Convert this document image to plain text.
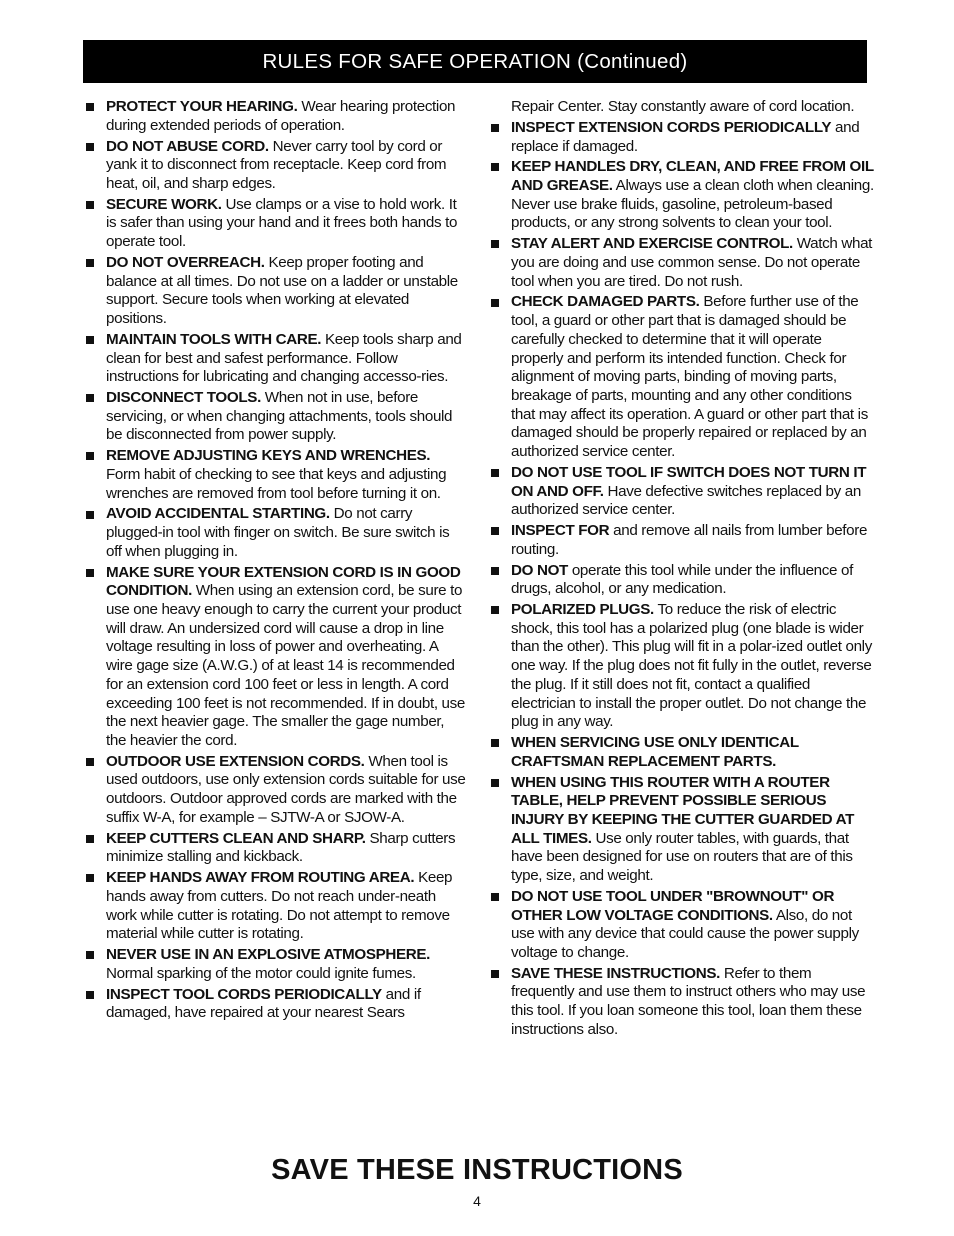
RULES FOR SAFE OPERATION (Continued)
PROTECT YOUR HEARING. Wear hearing protection during extended periods of operation.
DO NOT ABUSE CORD. Never carry tool by cord or yank it to disconnect from receptacle. Keep cord from heat, oil, and sharp edges.
SECURE WORK. Use clamps or a vise to hold work. It is safer than using your hand and it frees both hands to operate tool.
DO NOT OVERREACH. Keep proper footing and balance at all times. Do not use on a ladder or unstable support. Secure tools when working at elevated positions.
MAINTAIN TOOLS WITH CARE. Keep tools sharp and clean for best and safest performance. Follow instructions for lubricating and changing accesso-ries.
DISCONNECT TOOLS. When not in use, before servicing, or when changing attachments, tools should be disconnected from power supply.
REMOVE ADJUSTING KEYS AND WRENCHES. Form habit of checking to see that keys and adjusting wrenches are removed from tool before turning it on.
AVOID ACCIDENTAL STARTING. Do not carry plugged-in tool with finger on switch. Be sure switch is off when plugging in.
MAKE SURE YOUR EXTENSION CORD IS IN GOOD CONDITION. When using an extension cord, be sure to use one heavy enough to carry the current your product will draw. An undersized cord will cause a drop in line voltage resulting in loss of power and overheating. A wire gage size (A.W.G.) of at least 14 is recommended for an extension cord 100 feet or less in length. A cord exceeding 100 feet is not recommended. If in doubt, use the next heavier gage. The smaller the gage number, the heavier the cord.
OUTDOOR USE EXTENSION CORDS. When tool is used outdoors, use only extension cords suitable for use outdoors. Outdoor approved cords are marked with the suffix W-A, for example – SJTW-A or SJOW-A.
KEEP CUTTERS CLEAN AND SHARP. Sharp cutters minimize stalling and kickback.
KEEP HANDS AWAY FROM ROUTING AREA. Keep hands away from cutters. Do not reach under-neath work while cutter is rotating. Do not attempt to remove material while cutter is rotating.
NEVER USE IN AN EXPLOSIVE ATMOSPHERE. Normal sparking of the motor could ignite fumes.
INSPECT TOOL CORDS PERIODICALLY and if damaged, have repaired at your nearest Sears
Repair Center. Stay constantly aware of cord location.
INSPECT EXTENSION CORDS PERIODICALLY and replace if damaged.
KEEP HANDLES DRY, CLEAN, AND FREE FROM OIL AND GREASE. Always use a clean cloth when cleaning. Never use brake fluids, gasoline, petroleum-based products, or any strong solvents to clean your tool.
STAY ALERT AND EXERCISE CONTROL. Watch what you are doing and use common sense. Do not operate tool when you are tired. Do not rush.
CHECK DAMAGED PARTS. Before further use of the tool, a guard or other part that is damaged should be carefully checked to determine that it will operate properly and perform its intended function. Check for alignment of moving parts, binding of moving parts, breakage of parts, mounting and any other conditions that may affect its operation. A guard or other part that is damaged should be properly repaired or replaced by an authorized service center.
DO NOT USE TOOL IF SWITCH DOES NOT TURN IT ON AND OFF. Have defective switches replaced by an authorized service center.
INSPECT FOR and remove all nails from lumber before routing.
DO NOT operate this tool while under the influence of drugs, alcohol, or any medication.
POLARIZED PLUGS. To reduce the risk of electric shock, this tool has a polarized plug (one blade is wider than the other). This plug will fit in a polar-ized outlet only one way. If the plug does not fit fully in the outlet, reverse the plug. If it still does not fit, contact a qualified electrician to install the proper outlet. Do not change the plug in any way.
WHEN SERVICING USE ONLY IDENTICAL CRAFTSMAN REPLACEMENT PARTS.
WHEN USING THIS ROUTER WITH A ROUTER TABLE, HELP PREVENT POSSIBLE SERIOUS INJURY BY KEEPING THE CUTTER GUARDED AT ALL TIMES. Use only router tables, with guards, that have been designed for use on routers that are of this type, size, and weight.
DO NOT USE TOOL UNDER "BROWNOUT" OR OTHER LOW VOLTAGE CONDITIONS. Also, do not use with any device that could cause the power supply voltage to change.
SAVE THESE INSTRUCTIONS. Refer to them frequently and use them to instruct others who may use this tool. If you loan someone this tool, loan them these instructions also.
SAVE THESE INSTRUCTIONS
4
